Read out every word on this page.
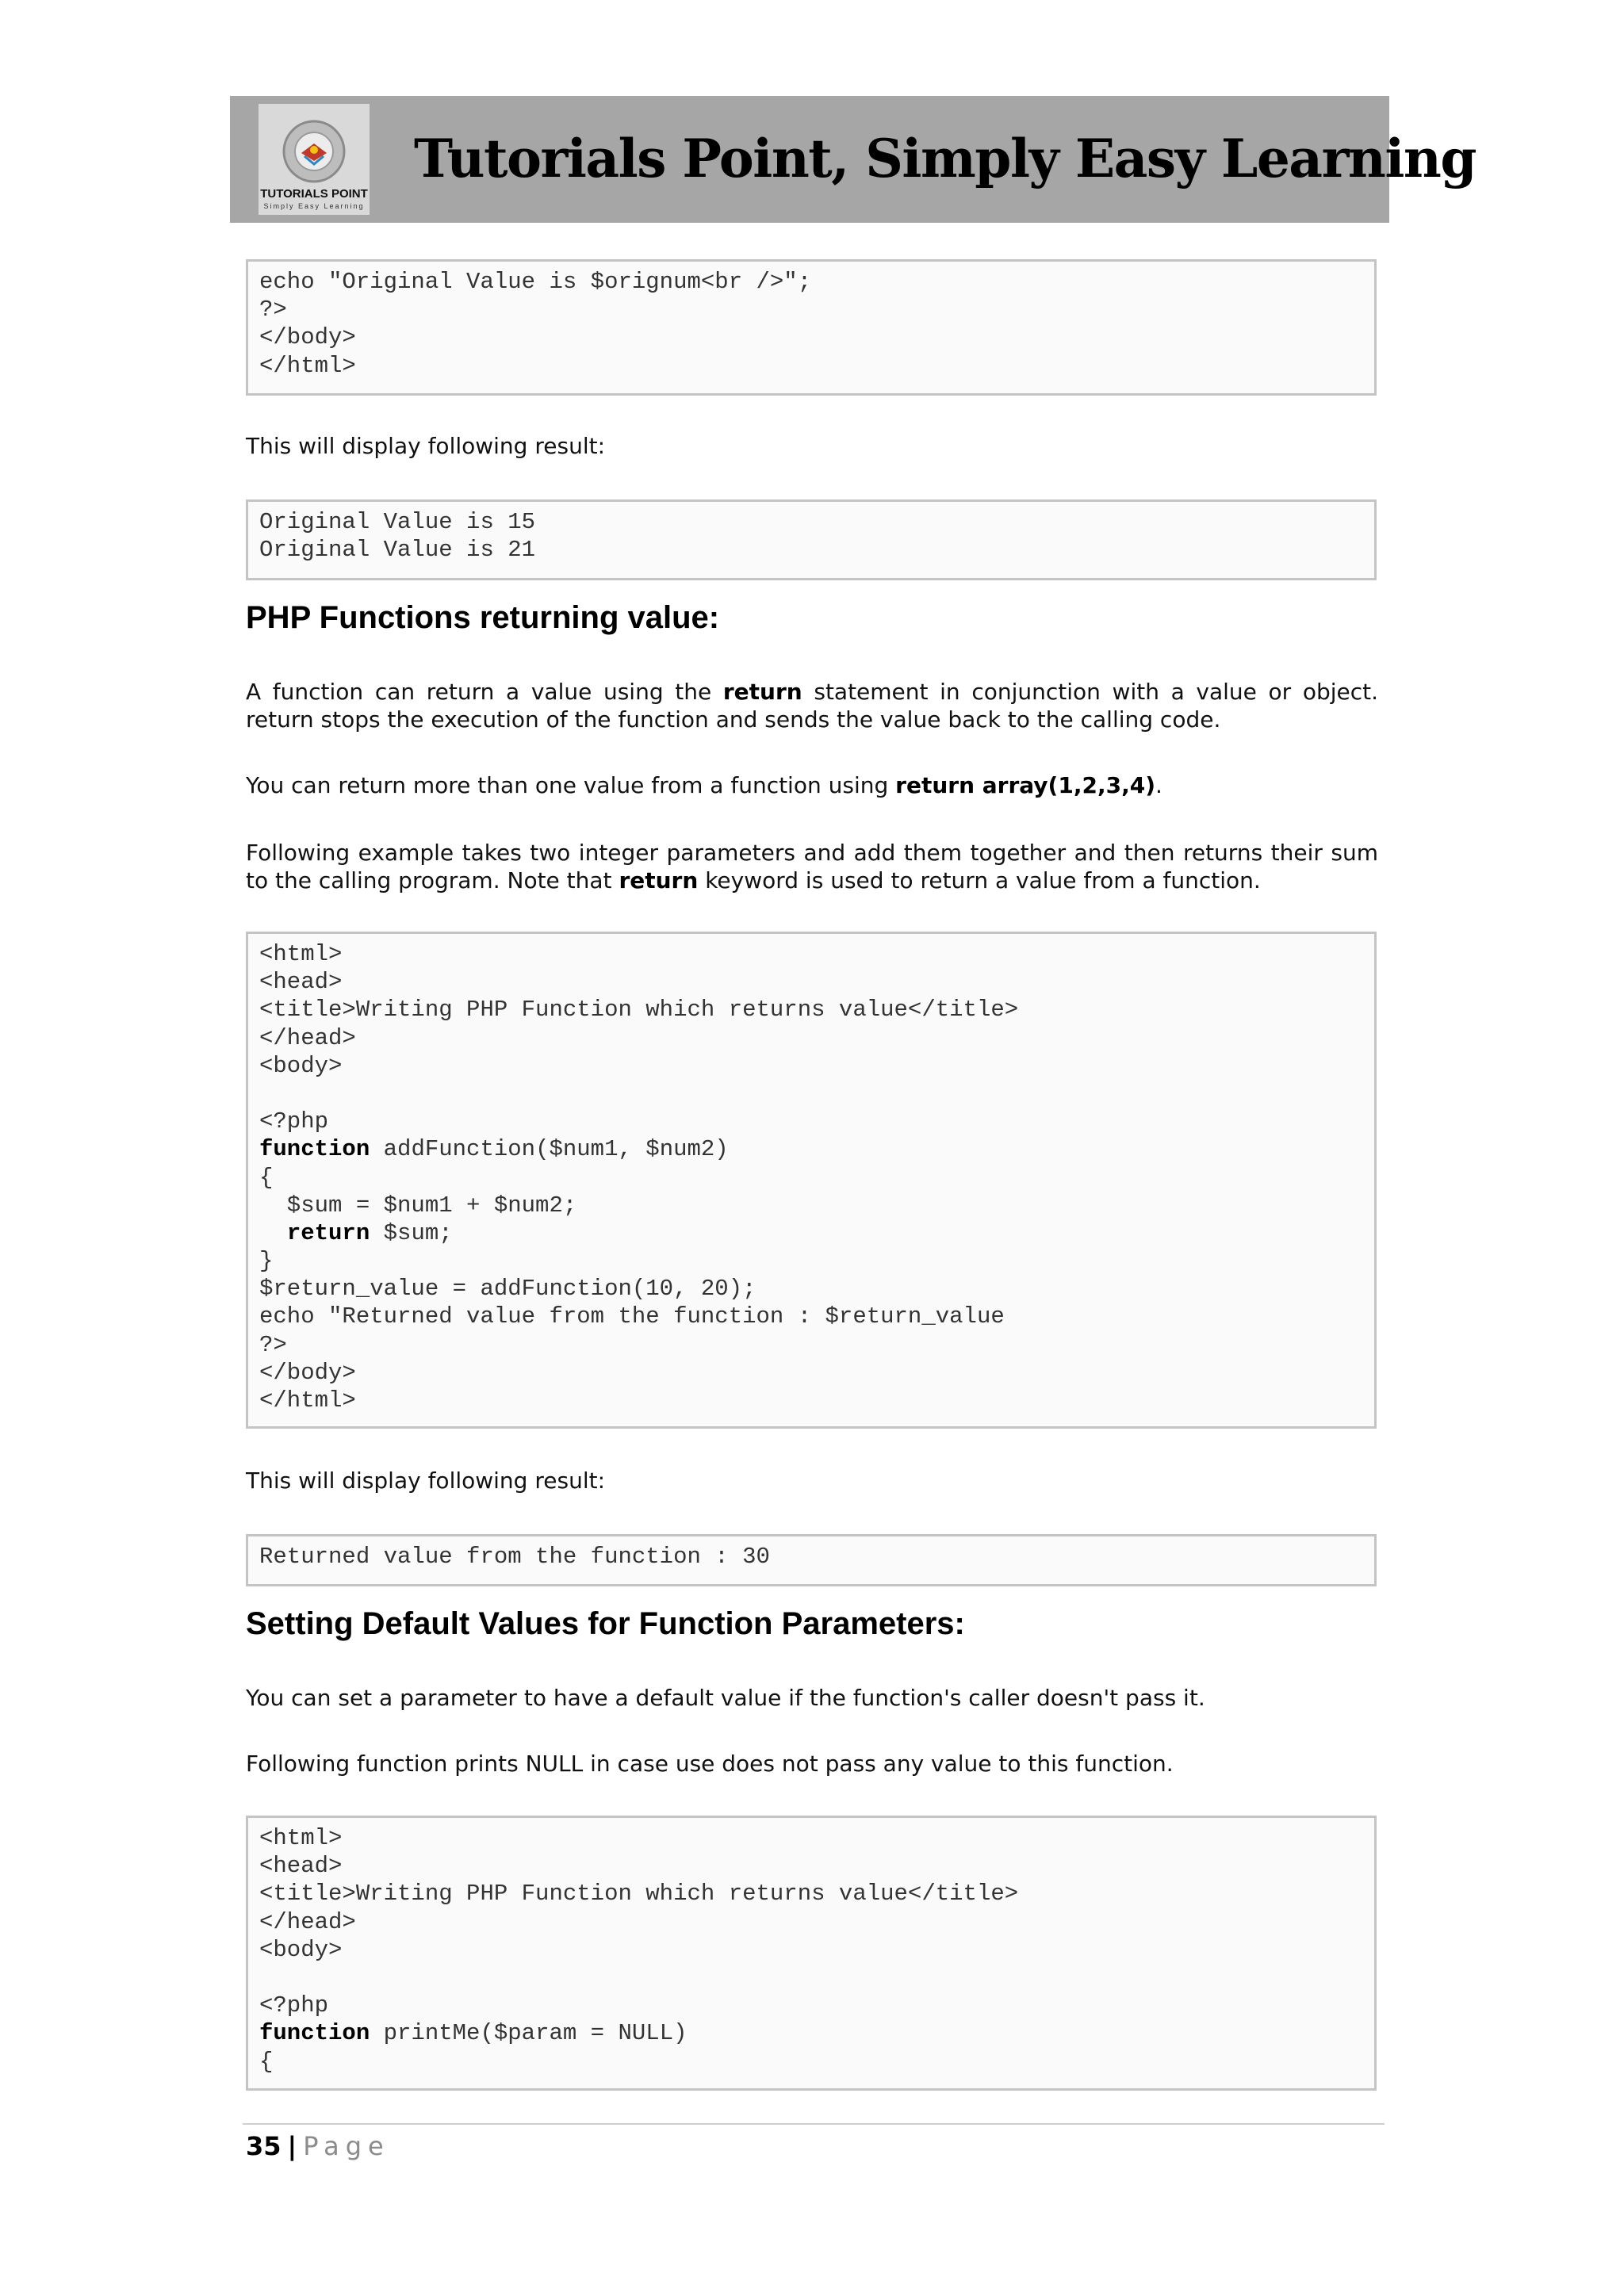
TUTORIALS POINT
Simply Easy Learning
Tutorials Point, Simply Easy Learning
echo "Original Value is $orignum<br />";
?>
</body>
</html>
This will display following result:
Original Value is 15
Original Value is 21
PHP Functions returning value:
A function can return a value using the return statement in conjunction with a value or object. return stops the execution of the function and sends the value back to the calling code.
You can return more than one value from a function using return array(1,2,3,4).
Following example takes two integer parameters and add them together and then returns their sum to the calling program. Note that return keyword is used to return a value from a function.
<html>
<head>
<title>Writing PHP Function which returns value</title>
</head>
<body>
<?php
function addFunction($num1, $num2)
{
$sum = $num1 + $num2;
return $sum;
}
$return_value = addFunction(10, 20);
echo "Returned value from the function : $return_value
?>
</body>
</html>
This will display following result:
Returned value from the function : 30
Setting Default Values for Function Parameters:
You can set a parameter to have a default value if the function's caller doesn't pass it.
Following function prints NULL in case use does not pass any value to this function.
<html>
<head>
<title>Writing PHP Function which returns value</title>
</head>
<body>
<?php
function printMe($param = NULL)
{
35 | Page
